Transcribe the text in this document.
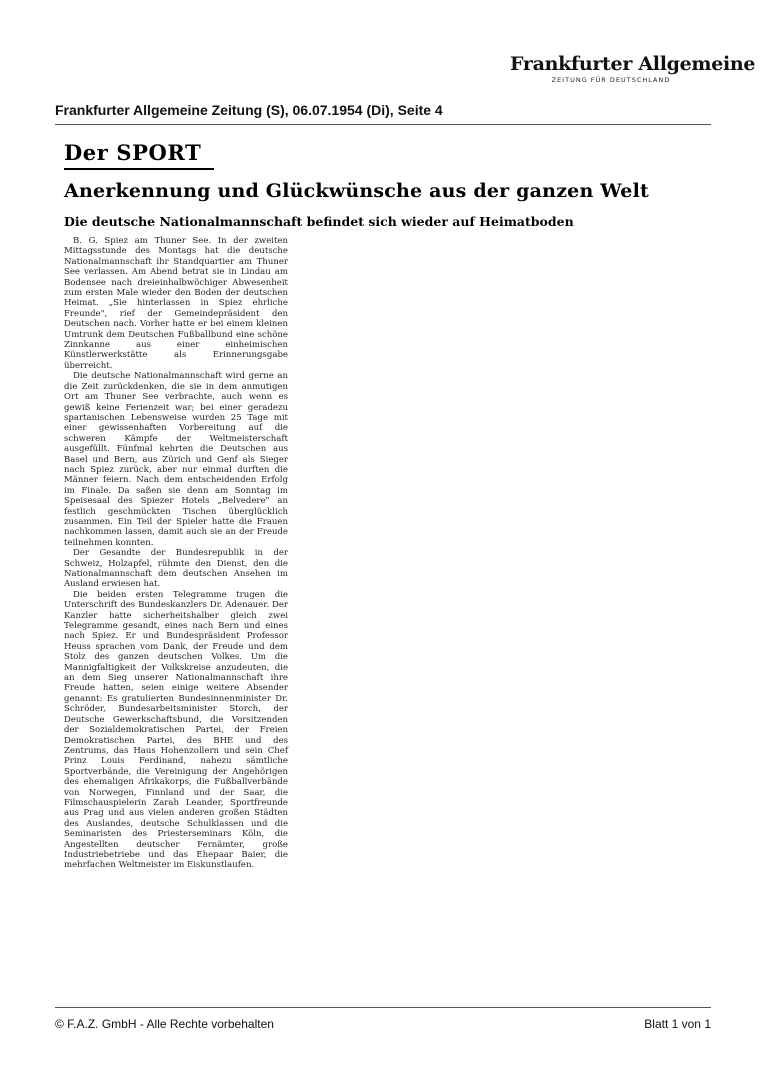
Frankfurter Allgemeine
ZEITUNG FÜR DEUTSCHLAND
Frankfurter Allgemeine Zeitung (S), 06.07.1954 (Di), Seite 4
Der SPORT
Anerkennung und Glückwünsche aus der ganzen Welt
Die deutsche Nationalmannschaft befindet sich wieder auf Heimatboden

B. G. Spiez am Thuner See. In der zweiten Mittagsstunde des Montags hat die deutsche Nationalmannschaft ihr Standquartier am Thuner See verlassen. Am Abend betrat sie in Lindau am Bodensee nach dreieinhalbwöchiger Abwesenheit zum ersten Male wieder den Boden der deutschen Heimat. „Sie hinterlassen in Spiez ehrliche Freunde", rief der Gemeindepräsident den Deutschen nach. Vorher hatte er bei einem kleinen Umtrunk dem Deutschen Fußballbund eine schöne Zinnkanne aus einer einheimischen Künstlerwerkstätte als Erinnerungsgabe überreicht.

Die deutsche Nationalmannschaft wird gerne an die Zeit zurückdenken, die sie in dem anmutigen Ort am Thuner See verbrachte, auch wenn es gewiß keine Ferienzeit war; bei einer geradezu spartanischen Lebensweise wurden 25 Tage mit einer gewissenhaften Vorbereitung auf die schweren Kämpfe der Weltmeisterschaft ausgefüllt. Fünfmal kehrten die Deutschen aus Basel und Bern, aus Zürich und Genf als Sieger nach Spiez zurück, aber nur einmal durften die Männer feiern. Nach dem entscheidenden Erfolg im Finale. Da saßen sie denn am Sonntag im Speisesaal des Spiezer Hotels „Belvedere" an festlich geschmückten Tischen überglücklich zusammen. Ein Teil der Spieler hatte die Frauen nachkommen lassen, damit auch sie an der Freude teilnehmen konnten.

Der Gesandte der Bundesrepublik in der Schweiz, Holzapfel, rühmte den Dienst, den die Nationalmannschaft dem deutschen Ansehen im Ausland erwiesen hat.

Die beiden ersten Telegramme trugen die Unterschrift des Bundeskanzlers Dr. Adenauer. Der Kanzler hatte sicherheitshalber gleich zwei Telegramme gesandt, eines nach Bern und eines nach Spiez. Er und Bundespräsident Professor Heuss sprachen vom Dank, der Freude und dem Stolz des ganzen deutschen Volkes. Um die Mannigfaltigkeit der Volkskreise anzudeuten, die an dem Sieg unserer Nationalmannschaft ihre Freude hatten, seien einige weitere Absender genannt: Es gratulierten Bundesinnenminister Dr. Schröder, Bundesarbeitsminister Storch, der Deutsche Gewerkschaftsbund, die Vorsitzenden der Sozialdemokratischen Partei, der Freien Demokratischen Partei, des BHE und des Zentrums, das Haus Hohenzollern und sein Chef Prinz Louis Ferdinand, nahezu sämtliche Sportverbände, die Vereinigung der Angehörigen des ehemaligen Afrikakorps, die Fußballverbände von Norwegen, Finnland und der Saar, die Filmschauspielerin Zarah Leander, Sportfreunde aus Prag und aus vielen anderen großen Städten des Auslandes, deutsche Schulklassen und die Seminaristen des Priesterseminars Köln, die Angestellten deutscher Fernämter, große Industriebetriebe und das Ehepaar Baier, die mehrfachen Weltmeister im Eiskunstlaufen.

© F.A.Z. GmbH - Alle Rechte vorbehalten	Blatt 1 von 1
